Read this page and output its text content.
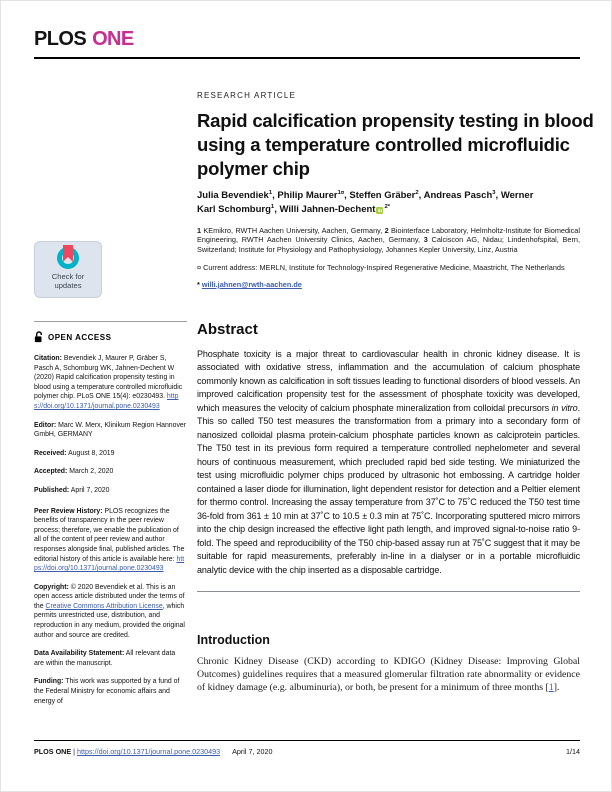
PLOS ONE
Check for
updates
OPEN ACCESS

Citation: Bevendiek J, Maurer P, Gräber S, Pasch A, Schomburg WK, Jahnen-Dechent W (2020) Rapid calcification propensity testing in blood using a temperature controlled microfluidic polymer chip. PLoS ONE 15(4): e0230493. https://doi.org/10.1371/journal.pone.0230493

Editor: Marc W. Merx, Klinikum Region Hannover GmbH, GERMANY

Received: August 8, 2019

Accepted: March 2, 2020

Published: April 7, 2020

Peer Review History: PLOS recognizes the benefits of transparency in the peer review process; therefore, we enable the publication of all of the content of peer review and author responses alongside final, published articles. The editorial history of this article is available here: https://doi.org/10.1371/journal.pone.0230493

Copyright: © 2020 Bevendiek et al. This is an open access article distributed under the terms of the Creative Commons Attribution License, which permits unrestricted use, distribution, and reproduction in any medium, provided the original author and source are credited.

Data Availability Statement: All relevant data are within the manuscript.

Funding: This work was supported by a fund of the Federal Ministry for economic affairs and energy of

RESEARCH ARTICLE
Rapid calcification propensity testing in blood
using a temperature controlled microfluidic
polymer chip

Julia Bevendiek$^1$, Philip Maurer$^{1¤}$, Steffen Gräber$^2$, Andreas Pasch$^3$, Werner Karl Schomburg$^1$, Willi Jahnen-Dechent $iD^{2*}$

1 KEmikro, RWTH Aachen University, Aachen, Germany, 2 Biointerface Laboratory, Helmholtz-Institute for Biomedical Engineering, RWTH Aachen University Clinics, Aachen, Germany, 3 Calciscon AG, Nidau; Lindenhofspital, Bern, Switzerland; Institute for Physiology and Pathophysiology, Johannes Kepler University, Linz, Austria

¤ Current address: MERLN, Institute for Technology-Inspired Regenerative Medicine, Maastricht, The Netherlands

* willi.jahnen@rwth-aachen.de

Abstract

Phosphate toxicity is a major threat to cardiovascular health in chronic kidney disease. It is associated with oxidative stress, inflammation and the accumulation of calcium phosphate commonly known as calcification in soft tissues leading to functional disorders of blood vessels. An improved calcification propensity test for the assessment of phosphate toxicity was developed, which measures the velocity of calcium phosphate mineralization from colloidal precursors in vitro. This so called T50 test measures the transformation from a primary into a secondary form of nanosized colloidal plasma protein-calcium phosphate particles known as calciprotein particles. The T50 test in its previous form required a temperature controlled nephelometer and several hours of continuous measurement, which precluded rapid bed side testing. We miniaturized the test using microfluidic polymer chips produced by ultrasonic hot embossing. A cartridge holder contained a laser diode for illumination, light dependent resistor for detection and a Peltier element for thermo control. Increasing the assay temperature from 37˚C to 75˚C reduced the T50 test time 36-fold from 361 ± 10 min at 37˚C to 10.5 ± 0.3 min at 75˚C. Incorporating sputtered micro mirrors into the chip design increased the effective light path length, and improved signal-to-noise ratio 9-fold. The speed and reproducibility of the T50 chip-based assay run at 75˚C suggest that it may be suitable for rapid measurements, preferably in-line in a dialyser or in a portable microfluidic analytic device with the chip inserted as a disposable cartridge.

Introduction

Chronic Kidney Disease (CKD) according to KDIGO (Kidney Disease: Improving Global Outcomes) guidelines requires that a measured glomerular filtration rate abnormality or evidence of kidney damage (e.g. albuminuria), or both, be present for a minimum of three months [1].

PLOS ONE | https://doi.org/10.1371/journal.pone.0230493 April 7, 2020	1/14
